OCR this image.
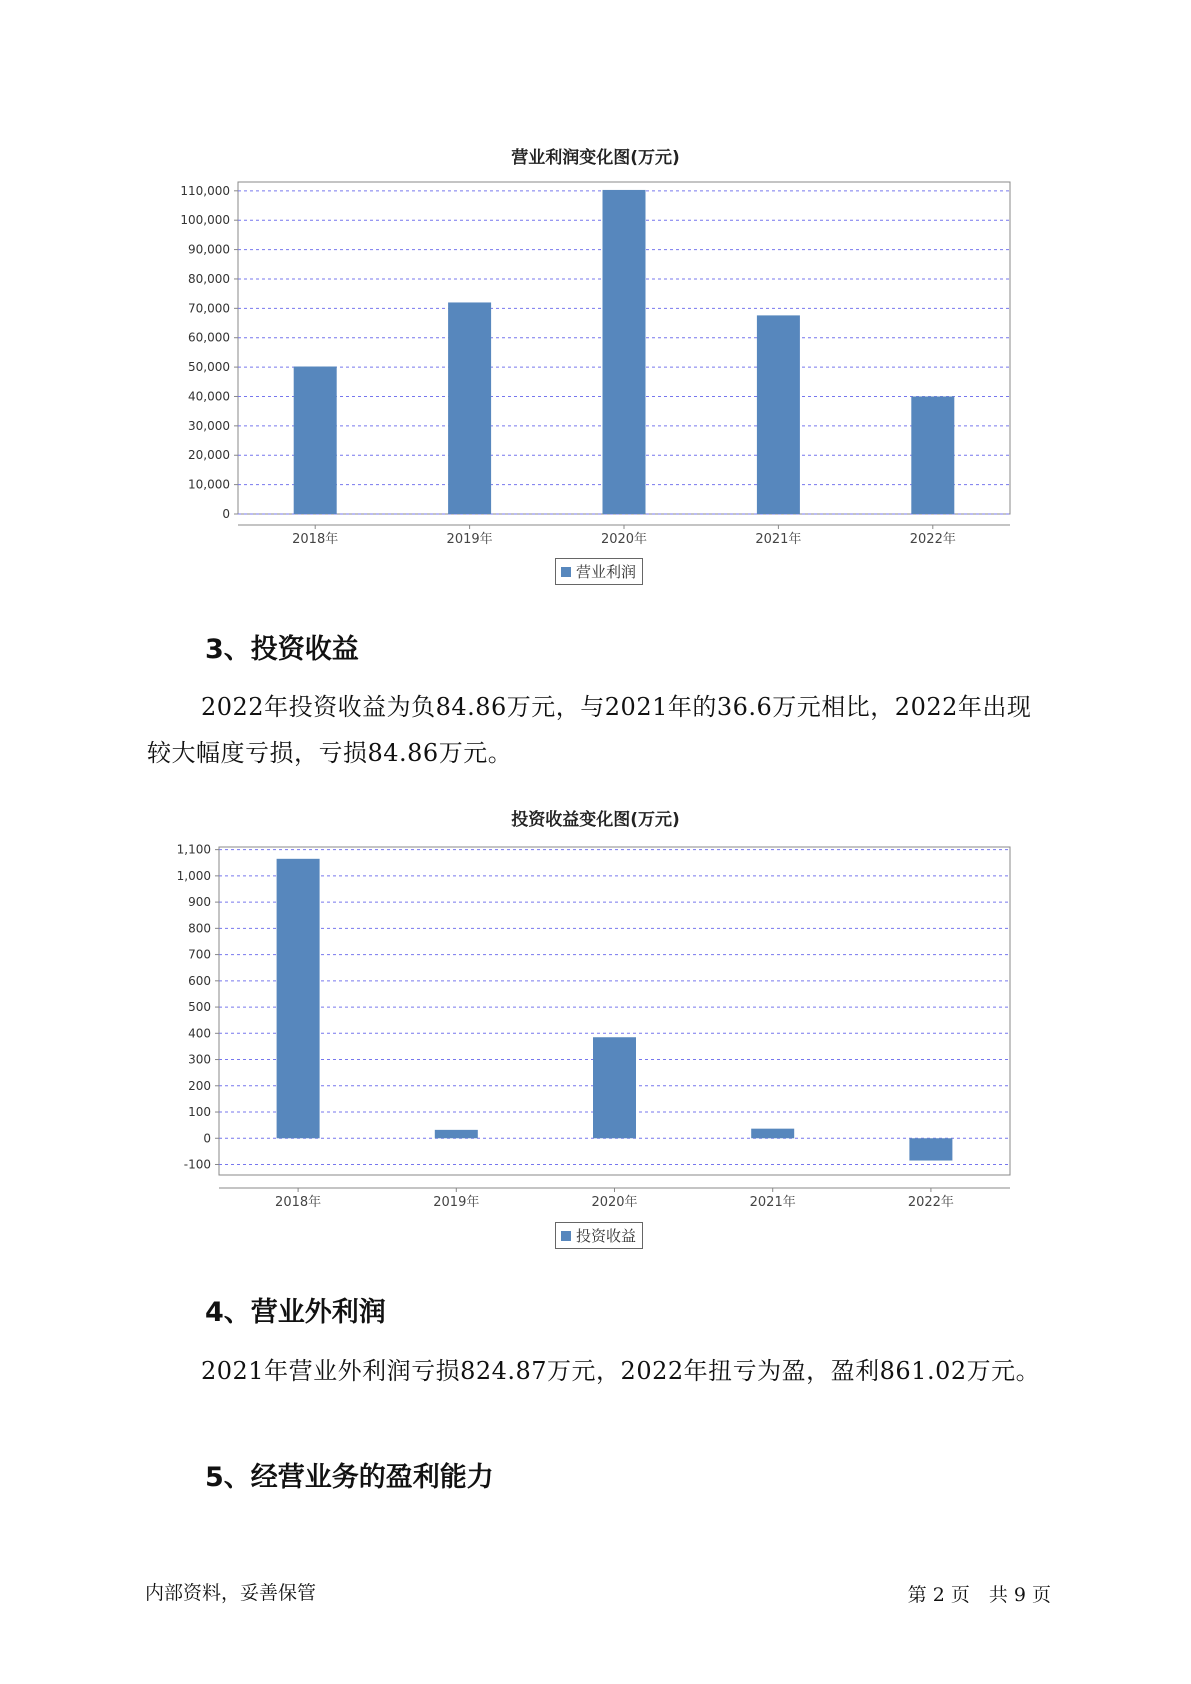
营业利润变化图(万元)
0
10,000
20,000
30,000
40,000
50,000
60,000
70,000
80,000
90,000
100,000
110,000
2018年	2019年	2020年	2021年	2022年
营业利润
3、投资收益
2022年投资收益为负84.86万元，与2021年的36.6万元相比，2022年出现较大幅度亏损，亏损84.86万元。
投资收益变化图(万元)
-100
0
100
200
300
400
500
600
700
800
900
1,000
1,100
2018年	2019年	2020年	2021年	2022年
投资收益
4、营业外利润
2021年营业外利润亏损824.87万元，2022年扭亏为盈，盈利861.02万元。
5、经营业务的盈利能力
内部资料，妥善保管	第 2 页　共 9 页
